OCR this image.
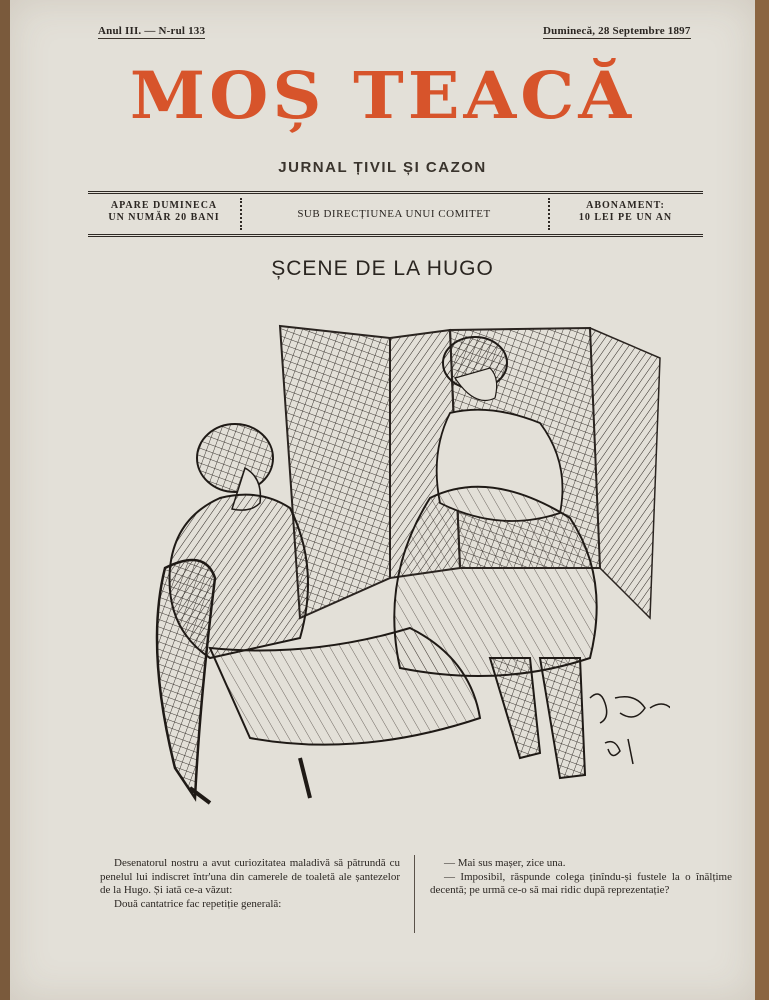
Anul III. — N-rul 133	Duminecă, 28 Septembre 1897
MOȘ TEACĂ
JURNAL ȚIVIL ȘI CAZON
APARE DUMINECA
UN NUMĂR 20 BANI	SUB DIRECȚIUNEA UNUI COMITET
ABONAMENT:
10 LEI PE UN AN
ȘCENE DE LA HUGO
Desenatorul nostru a avut curiozitatea maladivă să pătrundă cu penelul lui indiscret într'una din camerele de toaletă ale șantezelor de la Hugo. Și iată ce-a văzut:
Două cantatrice fac repetiție generală:
— Mai sus mașer, zice una.
— Imposibil, răspunde colega ținîndu-și fustele la o înălțime decentă; pe urmă ce-o să mai ridic după reprezentație?
